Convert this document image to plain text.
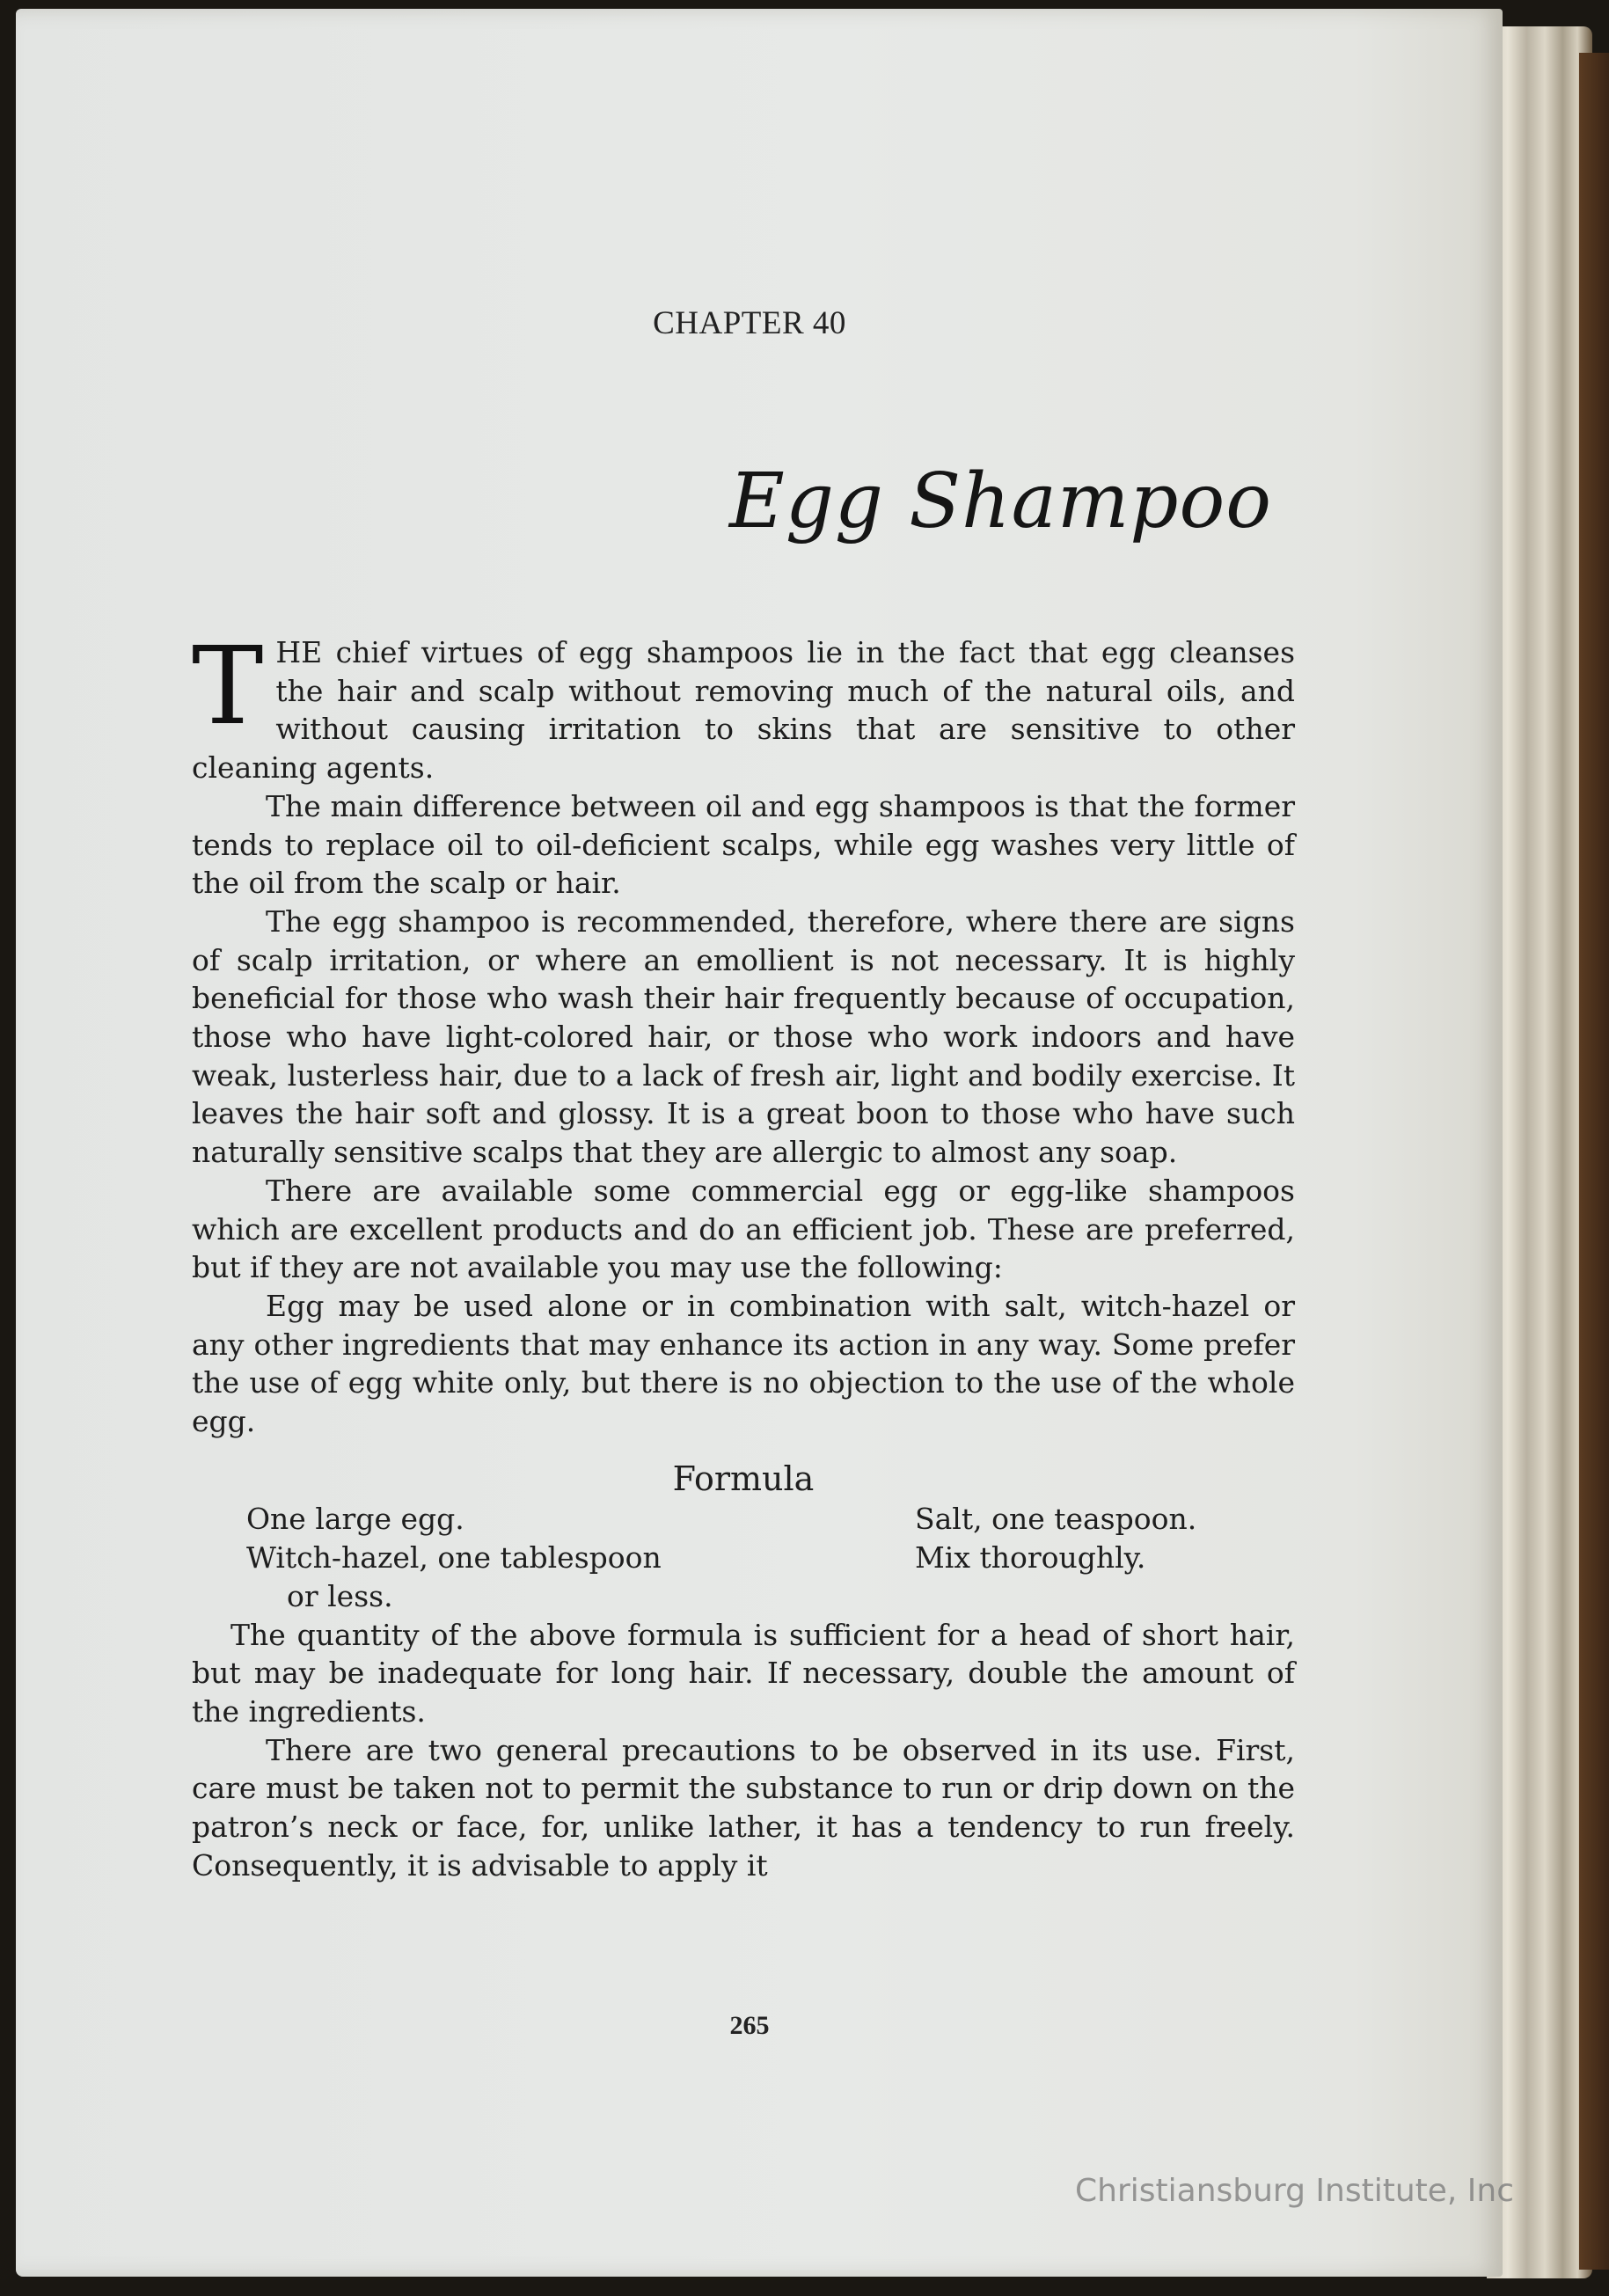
CHAPTER 40
Egg Shampoo

THE chief virtues of egg shampoos lie in the fact that egg cleanses the hair and scalp without removing much of the natural oils, and without causing irritation to skins that are sensitive to other cleaning agents.

The main difference between oil and egg shampoos is that the former tends to replace oil to oil-deficient scalps, while egg washes very little of the oil from the scalp or hair.

The egg shampoo is recommended, therefore, where there are signs of scalp irritation, or where an emollient is not necessary. It is highly beneficial for those who wash their hair frequently because of occupation, those who have light-colored hair, or those who work indoors and have weak, lusterless hair, due to a lack of fresh air, light and bodily exercise. It leaves the hair soft and glossy. It is a great boon to those who have such naturally sensitive scalps that they are allergic to almost any soap.

There are available some commercial egg or egg-like shampoos which are excellent products and do an efficient job. These are preferred, but if they are not available you may use the following:

Egg may be used alone or in combination with salt, witch-hazel or any other ingredients that may enhance its action in any way. Some prefer the use of egg white only, but there is no objection to the use of the whole egg.

Formula
One large egg.
Witch-hazel, one tablespoon
or less.
Salt, one teaspoon.
Mix thoroughly.

The quantity of the above formula is sufficient for a head of short hair, but may be inadequate for long hair. If necessary, double the amount of the ingredients.

There are two general precautions to be observed in its use. First, care must be taken not to permit the substance to run or drip down on the patron’s neck or face, for, unlike lather, it has a tendency to run freely. Consequently, it is advisable to apply it

265
Christiansburg Institute, Inc
